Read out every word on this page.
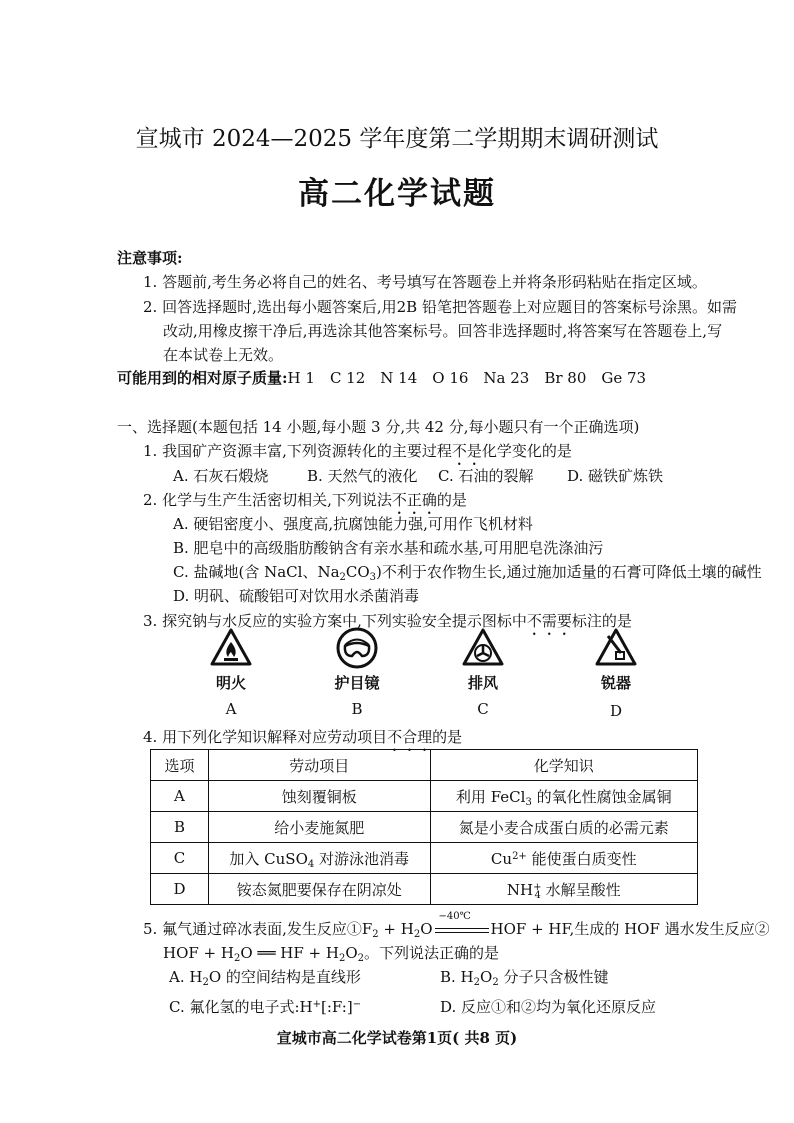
宣城市 2024—2025 学年度第二学期期末调研测试
高二化学试题
注意事项:
1. 答题前,考生务必将自己的姓名、考号填写在答题卷上并将条形码粘贴在指定区域。
2. 回答选择题时,选出每小题答案后,用2B 铅笔把答题卷上对应题目的答案标号涂黑。如需
改动,用橡皮擦干净后,再选涂其他答案标号。回答非选择题时,将答案写在答题卷上,写
在本试卷上无效。
可能用到的相对原子质量:H 1　C 12　N 14　O 16　Na 23　Br 80　Ge 73
一、选择题(本题包括 14 小题,每小题 3 分,共 42 分,每小题只有一个正确选项)
1. 我国矿产资源丰富,下列资源转化的主要过程不是化学变化的是
A. 石灰石煅烧	B. 天然气的液化 C. 石油的裂解 D. 磁铁矿炼铁
2. 化学与生产生活密切相关,下列说法不正确的是
A. 硬铝密度小、强度高,抗腐蚀能力强,可用作飞机材料
B. 肥皂中的高级脂肪酸钠含有亲水基和疏水基,可用肥皂洗涤油污
C. 盐碱地(含 NaCl、$Na_2CO_3$)不利于农作物生长,通过施加适量的石膏可降低土壤的碱性
D. 明矾、硫酸铝可对饮用水杀菌消毒
3. 探究钠与水反应的实验方案中,下列实验安全提示图标中不需要标注的是
明火	护目镜	排风	锐器
A	B	C	D
4. 用下列化学知识解释对应劳动项目不合理的是
选项	劳动项目	化学知识
A	蚀刻覆铜板	利用 FeCl$_3$ 的氧化性腐蚀金属铜
B	给小麦施氮肥	氮是小麦合成蛋白质的必需元素
C	加入 CuSO$_4$ 对游泳池消毒	$Cu^{2+}$ 能使蛋白质变性
D	铵态氮肥要保存在阴凉处	$NH^+_4$ 水解呈酸性
5. 氟气通过碎冰表面,发生反应$①F_2 + H_2O$
−40℃
HOF + HF,生成的 HOF 遇水发生反应②
HOF + $H_2O$ ══ HF + $H_2O_2$。下列说法正确的是
A. $H_2O$ 的空间结构是直线形	B. $H_2O_2$ 分子只含极性键
C. 氟化氢的电子式:H+[:F:]−	D. 反应①和②均为氧化还原反应
宣城市高二化学试卷第1页( 共8 页)
